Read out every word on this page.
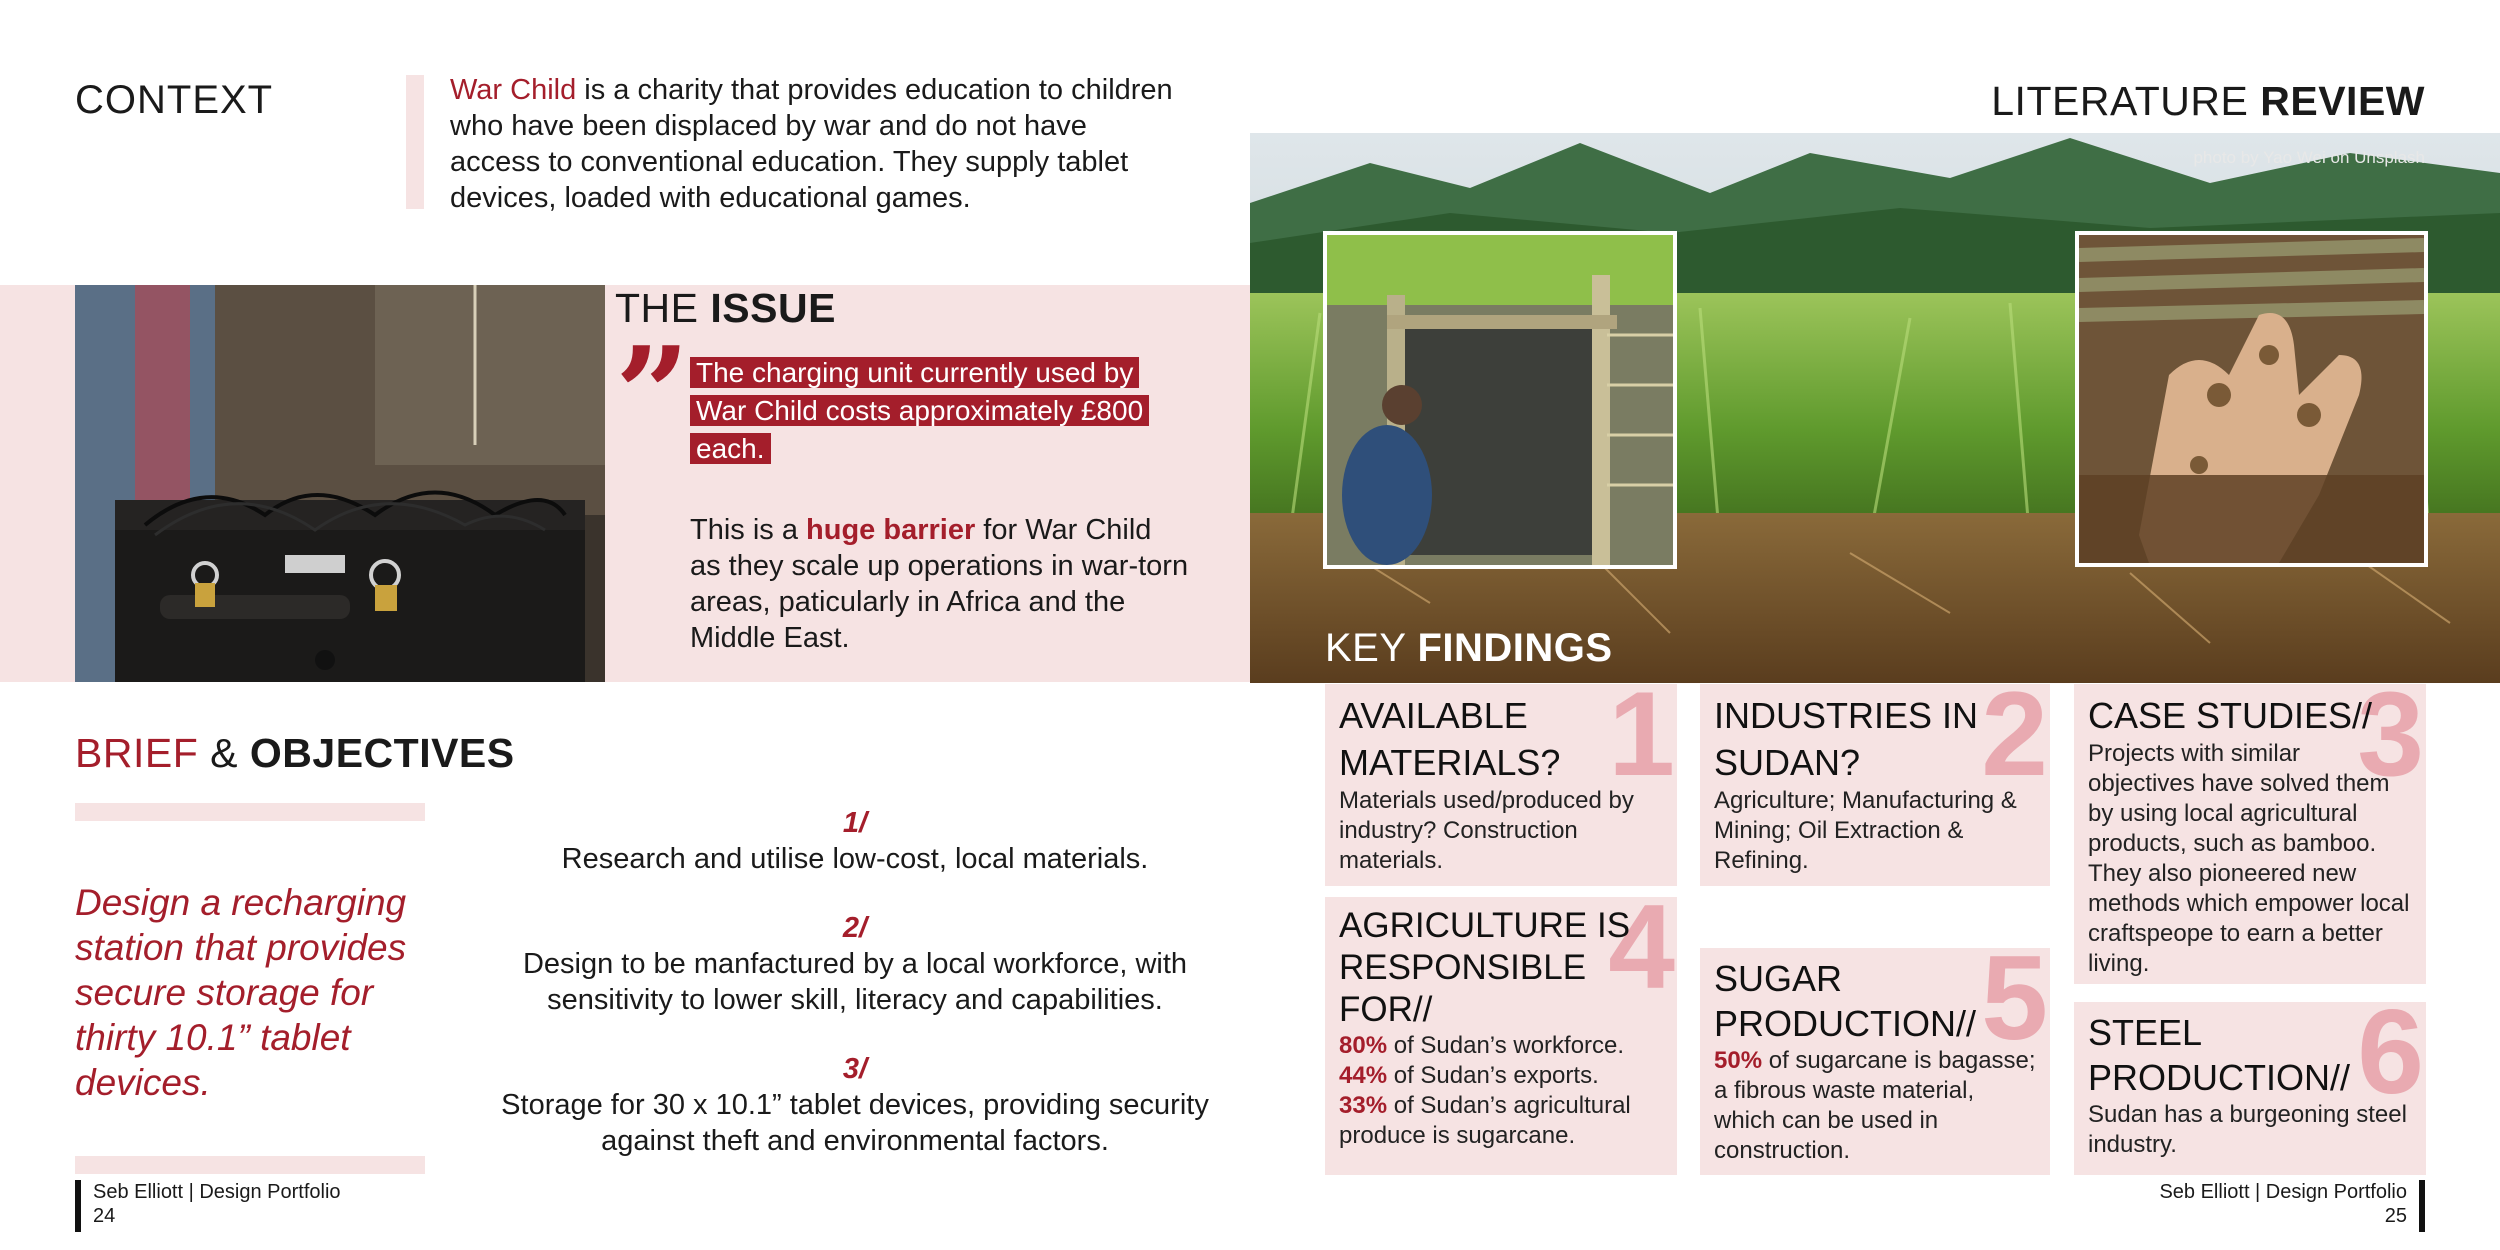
CONTEXT	War Child is a charity that provides education to children who have been displaced by war and do not have access to conventional education. They supply tablet devices, loaded with educational games.
THE ISSUE
” The charging unit currently used by War Child costs approximately £800 each.
This is a huge barrier for War Child as they scale up operations in war-torn areas, paticularly in Africa and the Middle East.
BRIEF & OBJECTIVES
Design a recharging station that provides secure storage for thirty 10.1” tablet devices.
1/
Research and utilise low-cost, local materials.
2/
Design to be manfactured by a local workforce, with sensitivity to lower skill, literacy and capabilities.
3/
Storage for 30 x 10.1” tablet devices, providing security against theft and environmental factors.
Seb Elliott | Design Portfolio
24
LITERATURE REVIEW
photo by Yao Wei on Unsplash
KEY FINDINGS
1
AVAILABLE MATERIALS?

Materials used/produced by industry? Construction materials.

2
INDUSTRIES IN SUDAN?

Agriculture; Manufacturing & Mining; Oil Extraction & Refining.

3
CASE STUDIES//

Projects with similar objectives have solved them by using local agricultural products, such as bamboo. They also pioneered new methods which empower local craftspeope to earn a better living.

4
AGRICULTURE IS RESPONSIBLE FOR//

80% of Sudan’s workforce.

44% of Sudan’s exports.

33% of Sudan’s agricultural produce is sugarcane.

5
SUGAR PRODUCTION//

50% of sugarcane is bagasse; a fibrous waste material, which can be used in construction.

6
STEEL PRODUCTION//

Sudan has a burgeoning steel industry.

Seb Elliott | Design Portfolio
25
